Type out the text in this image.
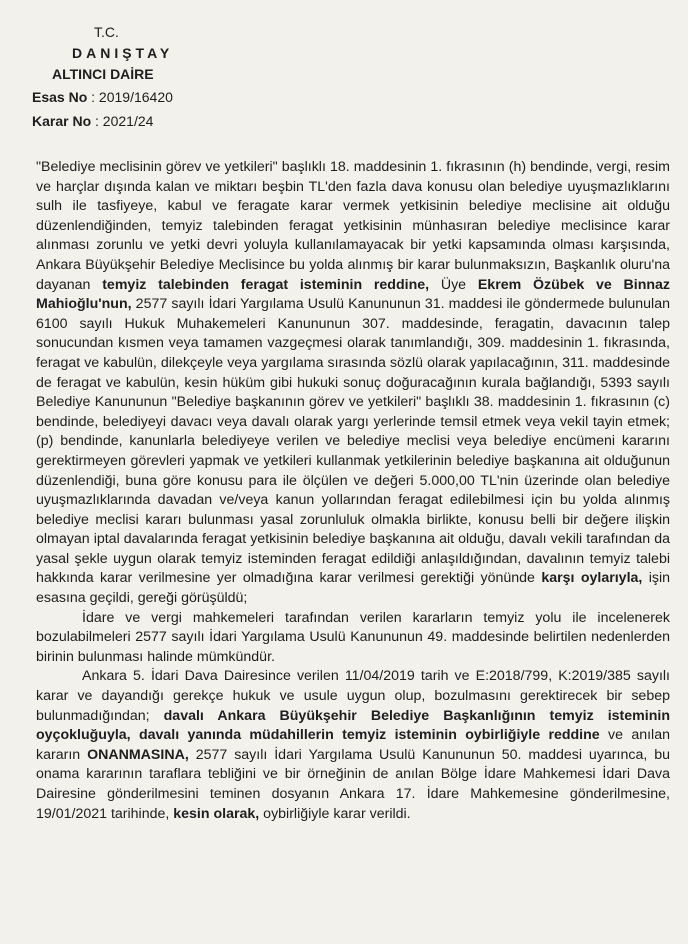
T.C.
DANIŞTAY
ALTINCI DAİRE
Esas No : 2019/16420
Karar No : 2021/24

"Belediye meclisinin görev ve yetkileri" başlıklı 18. maddesinin 1. fıkrasının (h) bendinde, vergi, resim ve harçlar dışında kalan ve miktarı beşbin TL'den fazla dava konusu olan belediye uyuşmazlıklarını sulh ile tasfiyeye, kabul ve feragate karar vermek yetkisinin belediye meclisine ait olduğu düzenlendiğinden, temyiz talebinden feragat yetkisinin münhasıran belediye meclisince karar alınması zorunlu ve yetki devri yoluyla kullanılamayacak bir yetki kapsamında olması karşısında, Ankara Büyükşehir Belediye Meclisince bu yolda alınmış bir karar bulunmaksızın, Başkanlık oluru'na dayanan temyiz talebinden feragat isteminin reddine, Üye Ekrem Özübek ve Binnaz Mahioğlu'nun, 2577 sayılı İdari Yargılama Usulü Kanununun 31. maddesi ile göndermede bulunulan 6100 sayılı Hukuk Muhakemeleri Kanununun 307. maddesinde, feragatin, davacının talep sonucundan kısmen veya tamamen vazgeçmesi olarak tanımlandığı, 309. maddesinin 1. fıkrasında, feragat ve kabulün, dilekçeyle veya yargılama sırasında sözlü olarak yapılacağının, 311. maddesinde de feragat ve kabulün, kesin hüküm gibi hukuki sonuç doğuracağının kurala bağlandığı, 5393 sayılı Belediye Kanununun "Belediye başkanının görev ve yetkileri" başlıklı 38. maddesinin 1. fıkrasının (c) bendinde, belediyeyi davacı veya davalı olarak yargı yerlerinde temsil etmek veya vekil tayin etmek; (p) bendinde, kanunlarla belediyeye verilen ve belediye meclisi veya belediye encümeni kararını gerektirmeyen görevleri yapmak ve yetkileri kullanmak yetkilerinin belediye başkanına ait olduğunun düzenlendiği, buna göre konusu para ile ölçülen ve değeri 5.000,00 TL'nin üzerinde olan belediye uyuşmazlıklarında davadan ve/veya kanun yollarından feragat edilebilmesi için bu yolda alınmış belediye meclisi kararı bulunması yasal zorunluluk olmakla birlikte, konusu belli bir değere ilişkin olmayan iptal davalarında feragat yetkisinin belediye başkanına ait olduğu, davalı vekili tarafından da yasal şekle uygun olarak temyiz isteminden feragat edildiği anlaşıldığından, davalının temyiz talebi hakkında karar verilmesine yer olmadığına karar verilmesi gerektiği yönünde karşı oylarıyla, işin esasına geçildi, gereği görüşüldü;

İdare ve vergi mahkemeleri tarafından verilen kararların temyiz yolu ile incelenerek bozulabilmeleri 2577 sayılı İdari Yargılama Usulü Kanununun 49. maddesinde belirtilen nedenlerden birinin bulunması halinde mümkündür.

Ankara 5. İdari Dava Dairesince verilen 11/04/2019 tarih ve E:2018/799, K:2019/385 sayılı karar ve dayandığı gerekçe hukuk ve usule uygun olup, bozulmasını gerektirecek bir sebep bulunmadığından; davalı Ankara Büyükşehir Belediye Başkanlığının temyiz isteminin oyçokluğuyla, davalı yanında müdahillerin temyiz isteminin oybirliğiyle reddine ve anılan kararın ONANMASINA, 2577 sayılı İdari Yargılama Usulü Kanununun 50. maddesi uyarınca, bu onama kararının taraflara tebliğini ve bir örneğinin de anılan Bölge İdare Mahkemesi İdari Dava Dairesine gönderilmesini teminen dosyanın Ankara 17. İdare Mahkemesine gönderilmesine, 19/01/2021 tarihinde, kesin olarak, oybirliğiyle karar verildi.
